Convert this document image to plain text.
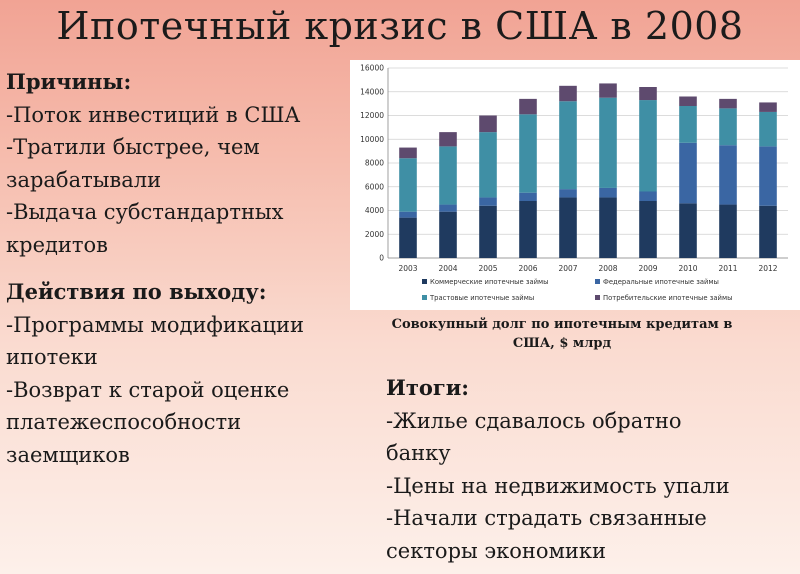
Ипотечный кризис в США в 2008
Причины:
-Поток инвестиций в США
-Тратили быстрее, чем
зарабатывали
-Выдача субстандартных
кредитов
Действия по выходу:
-Программы модификации
ипотеки
-Возврат к старой оценке
платежеспособности
заемщиков
Итоги:
-Жилье сдавалось обратно
банку
-Цены на недвижимость упали
-Начали страдать связанные
секторы экономики
0
2000
4000
6000
8000
10000
12000
14000
16000
2003	2004	2005	2006	2007	2008	2009	2010	2011	2012
Коммерческие ипотечные займы	Федеральные ипотечные займы
Трастовые ипотечные займы	Потребительские ипотечные займы
Совокупный долг по ипотечным кредитам в
США, $ млрд
